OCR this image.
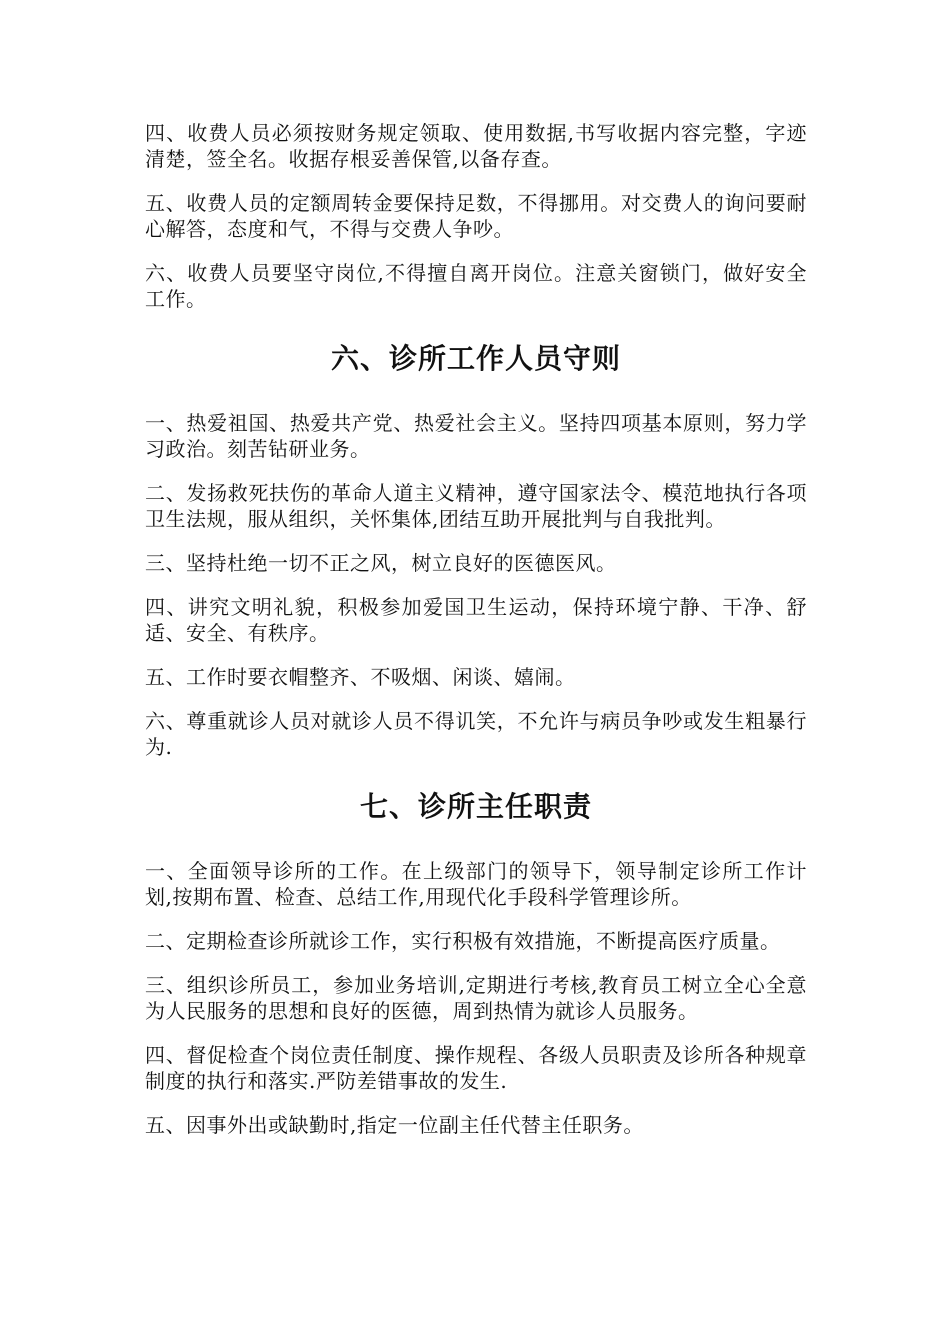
四、收费人员必须按财务规定领取、使用数据,书写收据内容完整，字迹清楚，签全名。收据存根妥善保管,以备存查。

五、收费人员的定额周转金要保持足数，不得挪用。对交费人的询问要耐心解答，态度和气，不得与交费人争吵。

六、收费人员要坚守岗位,不得擅自离开岗位。注意关窗锁门，做好安全工作。

六、诊所工作人员守则

一、热爱祖国、热爱共产党、热爱社会主义。坚持四项基本原则，努力学习政治。刻苦钻研业务。

二、发扬救死扶伤的革命人道主义精神，遵守国家法令、模范地执行各项卫生法规，服从组织，关怀集体,团结互助开展批判与自我批判。

三、坚持杜绝一切不正之风，树立良好的医德医风。

四、讲究文明礼貌，积极参加爱国卫生运动，保持环境宁静、干净、舒适、安全、有秩序。

五、工作时要衣帽整齐、不吸烟、闲谈、嬉闹。

六、尊重就诊人员对就诊人员不得讥笑，不允许与病员争吵或发生粗暴行为.

七、诊所主任职责

一、全面领导诊所的工作。在上级部门的领导下，领导制定诊所工作计划,按期布置、检查、总结工作,用现代化手段科学管理诊所。

二、定期检查诊所就诊工作，实行积极有效措施，不断提高医疗质量。

三、组织诊所员工，参加业务培训,定期进行考核,教育员工树立全心全意为人民服务的思想和良好的医德，周到热情为就诊人员服务。

四、督促检查个岗位责任制度、操作规程、各级人员职责及诊所各种规章制度的执行和落实.严防差错事故的发生.

五、因事外出或缺勤时,指定一位副主任代替主任职务。
